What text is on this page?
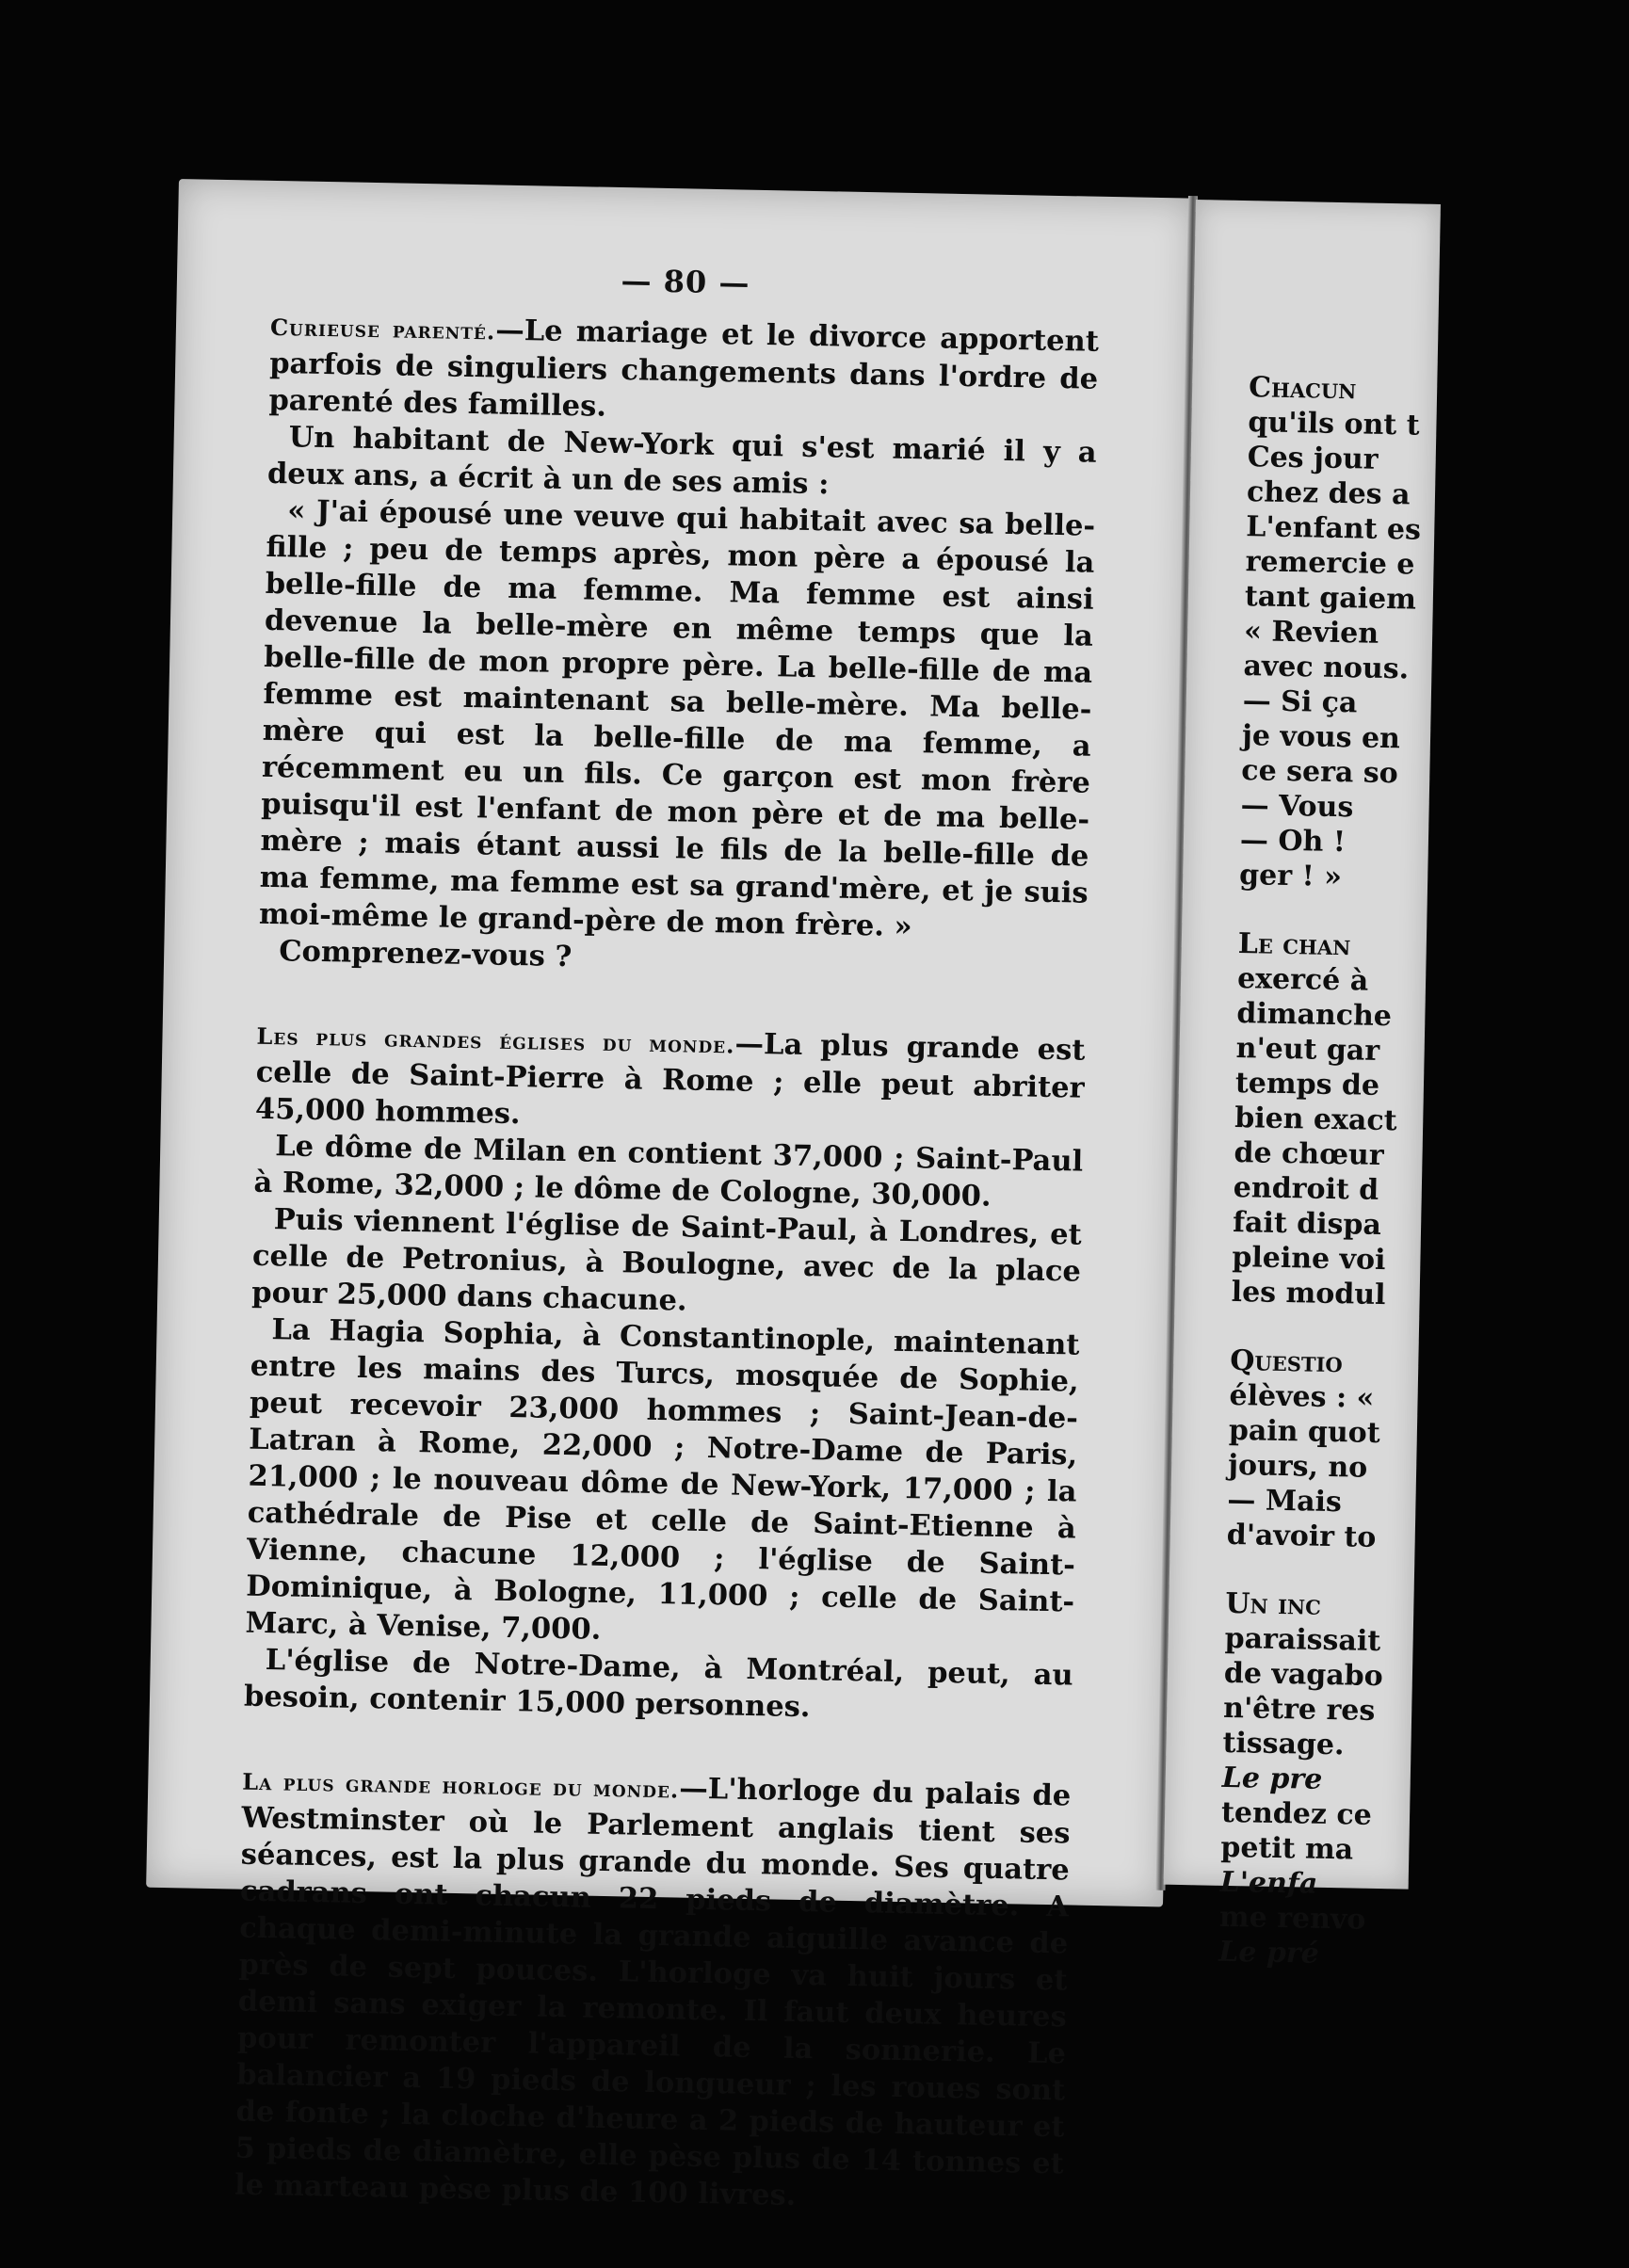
— 80 —

Curieuse parenté.—Le mariage et le divorce apportent parfois de singuliers changements dans l'ordre de parenté des familles.

Un habitant de New-York qui s'est marié il y a deux ans, a écrit à un de ses amis :

« J'ai épousé une veuve qui habitait avec sa belle-fille ; peu de temps après, mon père a épousé la belle-fille de ma femme. Ma femme est ainsi devenue la belle-mère en même temps que la belle-fille de mon propre père. La belle-fille de ma femme est maintenant sa belle-mère. Ma belle-mère qui est la belle-fille de ma femme, a récemment eu un fils. Ce garçon est mon frère puisqu'il est l'enfant de mon père et de ma belle-mère ; mais étant aussi le fils de la belle-fille de ma femme, ma femme est sa grand'mère, et je suis moi-même le grand-père de mon frère. »

Comprenez-vous ?

Les plus grandes églises du monde.—La plus grande est celle de Saint-Pierre à Rome ; elle peut abriter 45,000 hommes.

Le dôme de Milan en contient 37,000 ; Saint-Paul à Rome, 32,000 ; le dôme de Cologne, 30,000.

Puis viennent l'église de Saint-Paul, à Londres, et celle de Petronius, à Boulogne, avec de la place pour 25,000 dans chacune.

La Hagia Sophia, à Constantinople, maintenant entre les mains des Turcs, mosquée de Sophie, peut recevoir 23,000 hommes ; Saint-Jean-de-Latran à Rome, 22,000 ; Notre-Dame de Paris, 21,000 ; le nouveau dôme de New-York, 17,000 ; la cathédrale de Pise et celle de Saint-Etienne à Vienne, chacune 12,000 ; l'église de Saint-Dominique, à Bologne, 11,000 ; celle de Saint-Marc, à Venise, 7,000.

L'église de Notre-Dame, à Montréal, peut, au besoin, contenir 15,000 personnes.

La plus grande horloge du monde.—L'horloge du palais de Westminster où le Parlement anglais tient ses séances, est la plus grande du monde. Ses quatre cadrans ont chacun 22 pieds de diamètre. A chaque demi-minute la grande aiguille avance de près de sept pouces. L'horloge va huit jours et demi sans exiger la remonte. Il faut deux heures pour remonter l'appareil de la sonnerie. Le balancier a 19 pieds de longueur ; les roues sont de fonte ; la cloche d'heure a 2 pieds de hauteur et 5 pieds de diamètre, elle pèse plus de 14 tonnes et le marteau pèse plus de 100 livres.

Chacun
qu'ils ont t
Ces jour
chez des a
L'enfant es
remercie e
tant gaiem
« Revien
avec nous.
— Si ça
je vous en
ce sera so
— Vous
— Oh !
ger ! »
Le chan
exercé à
dimanche
n'eut gar
temps de
bien exact
de chœur
endroit d
fait dispa
pleine voi
les modul
Questio
élèves : «
pain quot
jours, no
— Mais
d'avoir to
Un inc
paraissait
de vagabo
n'être res
tissage.
Le pre
tendez ce
petit ma
L'enfa
me renvo
Le pré
